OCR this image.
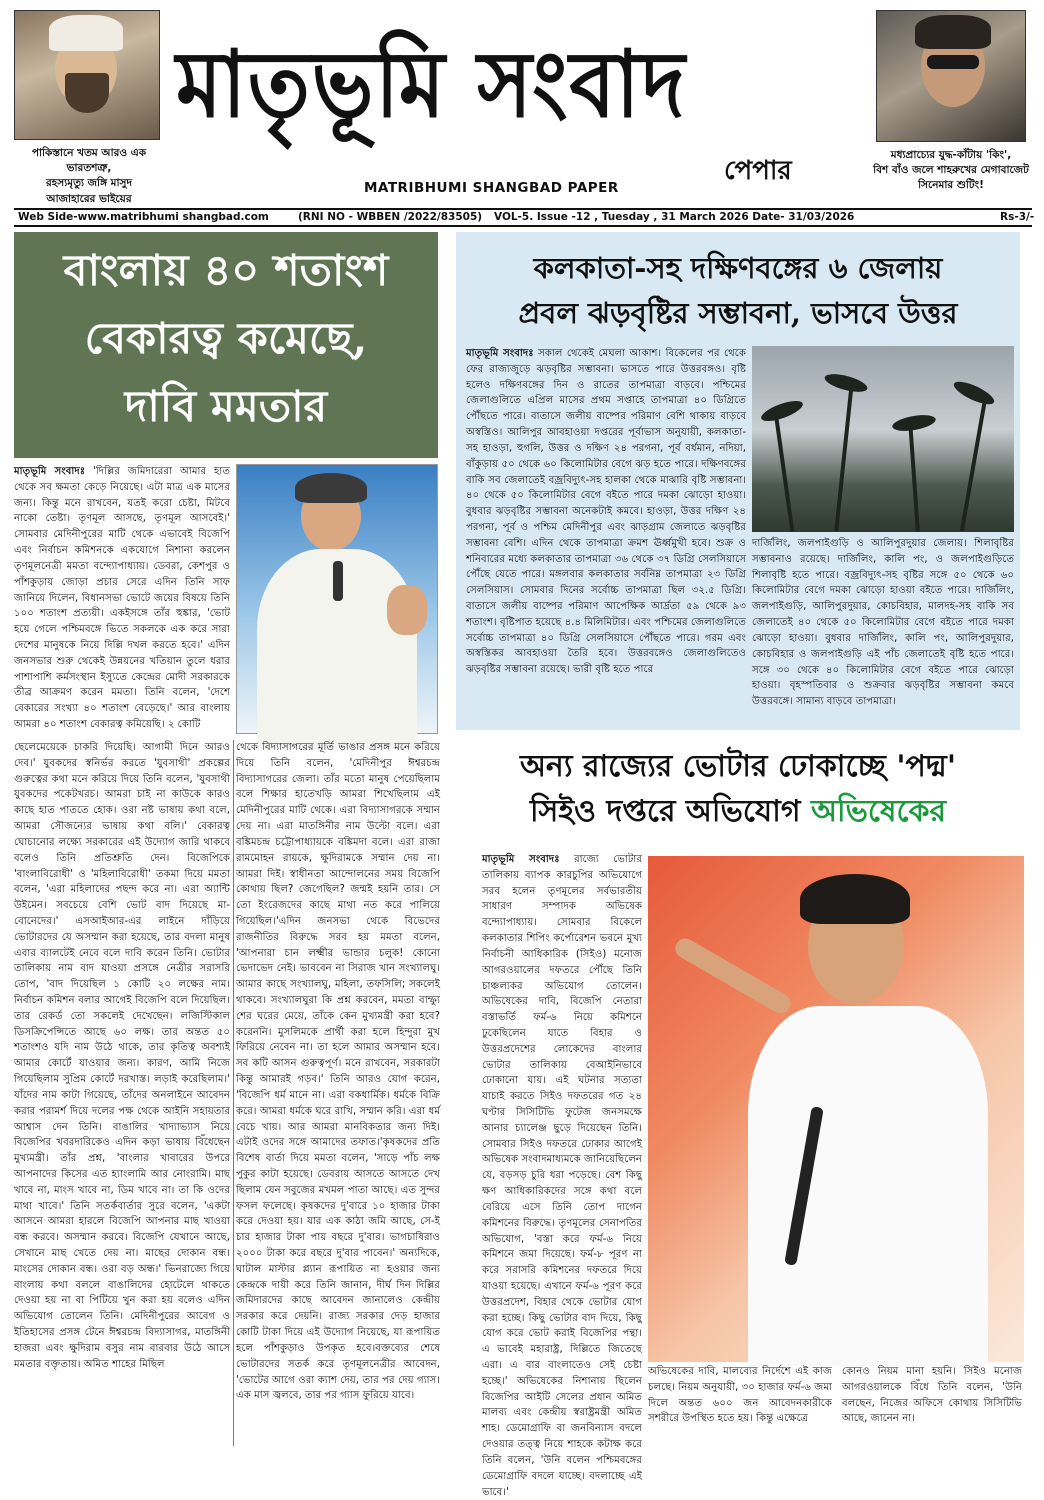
পাকিস্তানে খতম আরও এক ভারতশত্রু,
রহস্যমৃত্যু জঙ্গি মাসুদ
আজাহারের ভাইয়ের
মাতৃভূমি সংবাদ
পেপার
MATRIBHUMI SHANGBAD PAPER
মধ্যপ্রাচ্যের যুদ্ধ-কাঁটায় 'কিং',
বিশ বাঁও জলে শাহরুখের মেগাবাজেট
সিনেমার শুটিং!
Web Side-www.matribhumi shangbad.com	(RNI NO - WBBEN /2022/83505) VOL-5. Issue -12 , Tuesday , 31 March 2026 Date- 31/03/2026	Rs-3/-
বাংলায় ৪০ শতাংশ
বেকারত্ব কমেছে,
দাবি মমতার
মাতৃভূমি সংবাদঃ 'দিল্লির জমিদারেরা আমার হাত থেকে সব ক্ষমতা কেড়ে নিয়েছে। এটা মাত্র এক মাসের জন্য। কিন্তু মনে রাখবেন, যতই করো চেষ্টা, মিটবে নাকো তেষ্টা। তৃণমূল আসছে, তৃণমূল আসবেই।' সোমবার মেদিনীপুরের মাটি থেকে এভাবেই বিজেপি এবং নির্বাচন কমিশনকে একযোগে নিশানা করলেন তৃণমূলনেত্রী মমতা বন্দ্যোপাধ্যায়। ডেবরা, কেশপুর ও পাঁশকুড়ায় জোড়া প্রচার সেরে এদিন তিনি সাফ জানিয়ে দিলেন, বিধানসভা ভোটে জয়ের বিষয়ে তিনি ১০০ শতাংশ প্রত্যয়ী। একইসঙ্গে তাঁর হুঙ্কার, 'ভোট হয়ে গেলে পশ্চিমবঙ্গে ভিতে সকলকে এক করে সারা দেশের মানুষকে নিয়ে দিল্লি দখল করতে হবে।' এদিন জনসভার শুরু থেকেই উন্নয়নের খতিয়ান তুলে ধরার পাশাপাশি কর্মসংস্থান ইস্যুতে কেন্দ্রের মোদী সরকারকে তীব্র আক্রমণ করেন মমতা। তিনি বলেন, 'দেশে বেকারের সংখ্যা ৪০ শতাংশ বেড়েছে।' আর বাংলায় আমরা ৪০ শতাংশ বেকারত্ব কমিয়েছি। ২ কোটি
ছেলেমেয়েকে চাকরি দিয়েছি। আগামী দিনে আরও দেব।' যুবকদের স্বনির্ভর করতে 'যুবসাথী' প্রকল্পের গুরুত্বের কথা মনে করিয়ে দিয়ে তিনি বলেন, 'যুবসাথী যুবকদের পকেটখরচ। আমরা চাই না কাউকে কারও কাছে হাত পাততে হোক। ওরা নষ্ট ভাষায় কথা বলে, আমরা সৌজন্যের ভাষায় কথা বলি।' বেকারত্ব ঘোচানোর লক্ষ্যে সরকারের এই উদ্যোগ জারি থাকবে বলেও তিনি প্রতিশ্রুতি দেন। বিজেপিকে 'বাংলাবিরোধী' ও 'মহিলাবিরোধী' তকমা দিয়ে মমতা বলেন, 'এরা মহিলাদের পছন্দ করে না। এরা অ্যান্টি উইমেন। সবচেয়ে বেশি ভোট বাদ দিয়েছে মা-বোনেদের।' এসআইআর-এর লাইনে দাঁড়িয়ে ভোটারদের যে অসম্মান করা হয়েছে, তার বদলা মানুষ এবার ব্যালটেই নেবে বলে দাবি করেন তিনি। ভোটার তালিকায় নাম বাদ যাওয়া প্রসঙ্গে নেত্রীর সরাসরি তোপ, 'বাদ দিয়েছিল ১ কোটি ২০ লক্ষের নাম। নির্বাচন কমিশন বলার আগেই বিজেপি বলে দিয়েছিল। তার রেকর্ড তো সকলেই দেখেছেন। লজিস্টিকাল ডিসক্রিপেন্সিতে আছে ৬০ লক্ষ। তার অন্তত ৫০ শতাংশও যদি নাম উঠে থাকে, তার কৃতিত্ব অবশ্যই আমার কোর্টে যাওয়ার জন্য। কারণ, আমি নিজে গিয়েছিলাম সুপ্রিম কোর্টে দরখাস্ত। লড়াই করেছিলাম।' যাঁদের নাম কাটা গিয়েছে, তাঁদের অনলাইনে আবেদন করার পরামর্শ দিয়ে দলের পক্ষ থেকে আইনি সহায়তার আশ্বাস দেন তিনি। বাঙালির খাদ্যাভ্যাস নিয়ে বিজেপির খবরদারিকেও এদিন কড়া ভাষায় বিঁধেছেন মুখ্যমন্ত্রী। তাঁর প্রশ্ন, 'বাংলার খাবারের উপরে আপনাদের কিসের এত হ্যাংলামি আর নোংরামি। মাছ খাবে না, মাংস খাবে না, ডিম খাবে না। তা কি ওদের মাথা খাবে।' তিনি সতর্কবার্তার সুরে বলেন, 'একটা আসনে আমরা হারলে বিজেপি আপনার মাছ খাওয়া বন্ধ করবে। অসম্মান করবে। বিজেপি যেখানে আছে, সেখানে মাছ খেতে দেয় না। মাছের দোকান বন্ধ। মাংসের দোকান বন্ধ। ওরা বড় অন্ধ।' ভিনরাজ্যে গিয়ে বাংলায় কথা বললে বাঙালিদের হোটেলে থাকতে দেওয়া হয় না বা পিটিয়ে খুন করা হয় বলেও এদিন অভিযোগ তোলেন তিনি। মেদিনীপুরের আবেগ ও ইতিহাসের প্রসঙ্গ টেনে ঈশ্বরচন্দ্র বিদ্যাসাগর, মাতঙ্গিনী হাজরা এবং ক্ষুদিরাম বসুর নাম বারবার উঠে আসে মমতার বক্তৃতায়। অমিত শাহের মিছিল
থেকে বিদ্যাসাগরের মূর্তি ভাঙার প্রসঙ্গ মনে করিয়ে দিয়ে তিনি বলেন, 'মেদিনীপুর ঈশ্বরচন্দ্র বিদ্যাসাগরের জেলা। তাঁর মতো মানুষ পেয়েছিলাম বলে শিক্ষার হাতেখড়ি আমরা শিখেছিলাম এই মেদিনীপুরের মাটি থেকে। এরা বিদ্যাসাগরকে সম্মান দেয় না। এরা মাতঙ্গিনীর নাম উল্টো বলে। এরা বঙ্কিমচন্দ্র চট্টোপাধ্যায়কে বঙ্কিমদা বলে। এরা রাজা রামমোহন রায়কে, ক্ষুদিরামকে সম্মান দেয় না। আমরা দিই। স্বাধীনতা আন্দোলনের সময় বিজেপি কোথায় ছিল? জেগেছিল? জন্মই হয়নি তার। সে তো ইংরেজদের কাছে মাথা নত করে পালিয়ে গিয়েছিল।'এদিন জনসভা থেকে বিভেদের রাজনীতির বিরুদ্ধে সরব হয় মমতা বলেন, 'আপনারা চান লক্ষ্মীর ভান্ডার চলুক! কোনো ভেদাভেদ নেই। ভাববেন না সিরাজ খান সংখ্যালঘু। আমার কাছে সংখ্যালঘু, মহিলা, তফসিলি; সকলেই থাকবে। সংখ্যালঘুরা কি প্রশ্ন করবেন, মমতা বাম্ফ্যু শের ঘরের মেয়ে, তাঁকে কেন মুখ্যমন্ত্রী করা হবে? করেননি। মুসলিমকে প্রার্থী করা হলে হিন্দুরা মুখ ফিরিয়ে নেবেন না। তা হলে আমার অসম্মান হবে। সব কটি আসন গুরুত্বপূর্ণ। মনে রাখবেন, সরকারটা কিন্তু আমারই গড়ব।' তিনি আরও যোগ করেন, 'বিজেপি ধর্ম মানে না। এরা বকধার্মিক। ধর্মকে বিক্রি করে। আমরা ধর্মকে ঘরে রাখি, সম্মান করি। এরা ধর্ম বেচে খায়। আর আমরা মানবিকতার জন্য দিই। এটাই ওদের সঙ্গে আমাদের তফাত।'কৃষকদের প্রতি বিশেষ বার্তা দিয়ে মমতা বলেন, 'সাড়ে পাঁচ লক্ষ পুকুর কাটা হয়েছে। ডেবরায় আসতে আসতে দেখ ছিলাম যেন সবুজের মখমল পাতা আছে। এত সুন্দর ফসল ফলেছে। কৃষকদের দু'বারে ১০ হাজার টাকা করে দেওয়া হয়। যার এক কাঠা জমি আছে, সে-ই চার হাজার টাকা পায় বছরে দু'বার। ভাগচাষিরাও ২০০০ টাকা করে বছরে দু'বার পাবেন।' অন্যদিকে, ঘাটাল মাস্টার প্ল্যান রূপায়িত না হওয়ার জন্য কেন্দ্রকে দায়ী করে তিনি জানান, দীর্ঘ দিন দিল্লির জমিদারদের কাছে আবেদন জানালেও কেন্দ্রীয় সরকার করে দেয়নি। রাজ্য সরকার দেড় হাজার কোটি টাকা দিয়ে এই উদ্যোগ নিয়েছে, যা রূপায়িত হলে পাঁশকুড়াও উপকৃত হবে।বক্তব্যের শেষে ভোটারদের সতর্ক করে তৃণমূলনেত্রীর আবেদন, 'ভোটের আগে ওরা ক্যাশ দেয়, তার পর দেয় গ্যাস। এক মাস জ্বলবে, তার পর গ্যাস ফুরিয়ে যাবে।
কলকাতা-সহ দক্ষিণবঙ্গের ৬ জেলায়
প্রবল ঝড়বৃষ্টির সম্ভাবনা, ভাসবে উত্তর
মাতৃভূমি সংবাদঃ সকাল থেকেই মেঘলা আকাশ। বিকেলের পর থেকে ফের রাজ্যজুড়ে ঝড়বৃষ্টির সম্ভাবনা। ভাসতে পারে উত্তরবঙ্গও। বৃষ্টি হলেও দক্ষিণবঙ্গের দিন ও রাতের তাপমাত্রা বাড়বে। পশ্চিমের জেলাগুলিতে এপ্রিল মাসের প্রথম সপ্তাহে তাপমাত্রা ৪০ ডিগ্রিতে পৌঁছতে পারে। বাতাসে জলীয় বাষ্পের পরিমাণ বেশি থাকায় বাড়বে অস্বস্তিও। আলিপুর আবহাওয়া দপ্তরের পূর্বাভাস অনুযায়ী, কলকাতা-সহ হাওড়া, হুগলি, উত্তর ও দক্ষিণ ২৪ পরগনা, পূর্ব বর্ধমান, নদিয়া, বাঁকুড়ায় ৫০ থেকে ৬০ কিলোমিটার বেগে ঝড় হতে পারে। দক্ষিণবঙ্গের বাকি সব জেলাতেই বজ্রবিদ্যুৎ-সহ হালকা থেকে মাঝারি বৃষ্টি সম্ভাবনা। ৪০ থেকে ৫০ কিলোমিটার বেগে বইতে পারে দমকা ঝোড়ো হাওয়া। বুধবার ঝড়বৃষ্টির সম্ভাবনা অনেকটাই কমবে। হাওড়া, উত্তর দক্ষিণ ২৪ পরগনা, পূর্ব ও পশ্চিম মেদিনীপুর এবং ঝাড়গ্রাম জেলাতে ঝড়বৃষ্টির সম্ভাবনা বেশি। এদিন থেকে তাপমাত্রা ক্রমশ ঊর্ধ্বমুখী হবে। শুক্র ও শনিবারের মধ্যে কলকাতার তাপমাত্রা ৩৬ থেকে ৩৭ ডিগ্রি সেলসিয়াসে পৌঁছে যেতে পারে। মঙ্গলবার কলকাতার সর্বনিম্ন তাপমাত্রা ২৩ ডিগ্রি সেলসিয়াস। সোমবার দিনের সর্বোচ্চ তাপমাত্রা ছিল ৩২.৫ ডিগ্রি। বাতাসে জলীয় বাষ্পের পরিমাণ আপেক্ষিক আর্দ্রতা ৫৯ থেকে ৯৩ শতাংশ। বৃষ্টিপাত হয়েছে ৪.৪ মিলিমিটার। এবং পশ্চিমের জেলাগুলিতে সর্বোচ্চ তাপমাত্রা ৪০ ডিগ্রি সেলসিয়াসে পৌঁছতে পারে। গরম এবং অস্বস্তিকর আবহাওয়া তৈরি হবে। উত্তরবঙ্গেও জেলাগুলিতেও ঝড়বৃষ্টির সম্ভাবনা রয়েছে। ভারী বৃষ্টি হতে পারে
দার্জিলিং, জলপাইগুড়ি ও আলিপুরদুয়ার জেলায়। শিলাবৃষ্টির সম্ভাবনাও রয়েছে। দার্জিলিং, কালি পং, ও জলপাইগুড়িতে শিলাবৃষ্টি হতে পারে। বজ্রবিদ্যুৎ-সহ বৃষ্টির সঙ্গে ৫০ থেকে ৬০ কিলোমিটার বেগে দমকা ঝোড়ো হাওয়া বইতে পারে। দার্জিলিং, জলপাইগুড়ি, আলিপুরদুয়ার, কোচবিহার, মালদহ-সহ বাকি সব জেলাতেই ৪০ থেকে ৫০ কিলোমিটার বেগে বইতে পারে দমকা ঝোড়ো হাওয়া। বুধবার দার্জিলিং, কালি পং, আলিপুরদুয়ার, কোচবিহার ও জলপাইগুড়ি এই পাঁচ জেলাতেই বৃষ্টি হতে পারে। সঙ্গে ৩০ থেকে ৪০ কিলোমিটার বেগে বইতে পারে ঝোড়ো হাওয়া। বৃহস্পতিবার ও শুক্রবার ঝড়বৃষ্টির সম্ভাবনা কমবে উত্তরবঙ্গে। সামান্য বাড়বে তাপমাত্রা।
অন্য রাজ্যের ভোটার ঢোকাচ্ছে 'পদ্ম'
সিইও দপ্তরে অভিযোগ অভিষেকের
মাতৃভূমি সংবাদঃ রাজ্যে ভোটার তালিকায় ব্যাপক কারচুপির অভিযোগে সরব হলেন তৃণমূলের সর্বভারতীয় সাধারণ সম্পাদক অভিষেক বন্দ্যোপাধ্যায়। সোমবার বিকেলে কলকাতার শিপিং কর্পোরেশন ভবনে মুখ্য নির্বাচনী আধিকারিক (সিইও) মনোজ আগরওয়ালের দফতরে পৌঁছে তিনি চাঞ্চল্যকর অভিযোগ তোলেন। অভিষেকের দাবি, বিজেপি নেতারা বস্তাভর্তি ফর্ম-৬ নিয়ে কমিশনে ঢুকেছিলেন যাতে বিহার ও উত্তরপ্রদেশের লোকেদের বাংলার ভোটার তালিকায় বেআইনিভাবে ঢোকানো যায়। এই ঘটনার সত্যতা যাচাই করতে সিইও দফতরের গত ২৪ ঘণ্টার সিসিটিভি ফুটেজ জনসমক্ষে আনার চ্যালেঞ্জ ছুড়ে দিয়েছেন তিনি। সোমবার সিইও দফতরে ঢোকার আগেই অভিষেক সংবাদমাধ্যমকে জানিয়েছিলেন যে, বড়সড় চুরি ধরা পড়েছে। বেশ কিছু ক্ষণ আধিকারিকদের সঙ্গে কথা বলে বেরিয়ে এসে তিনি তোপ দাগেন কমিশনের বিরুদ্ধে। তৃণমূলের সেনাপতির অভিযোগ, 'বস্তা করে ফর্ম-৬ নিয়ে কমিশনে জমা দিয়েছে। ফর্ম-৮ পূরণ না করে সরাসরি কমিশনের দফতরে দিয়ে যাওয়া হয়েছে। এখানে ফর্ম-৬ পূরণ করে উত্তরপ্রদেশ, বিহার থেকে ভোটার যোগ করা হচ্ছে। কিছু ভোটার বাদ দিয়ে, কিছু যোগ করে ভোট করাই বিজেপির পন্থা। এ ভাবেই মহারাষ্ট্র, দিল্লিতে জিতেছে এরা। এ বার বাংলাতেও সেই চেষ্টা হচ্ছে।' অভিষেকের নিশানায় ছিলেন বিজেপির আইটি সেলের প্রধান অমিত মালব্য এবং কেন্দ্রীয় স্বরাষ্ট্রমন্ত্রী অমিত শাহ। ডেমোগ্রাফি বা জনবিন্যাস বদলে দেওয়ার তত্ত্ব নিয়ে শাহকে কটাক্ষ করে তিনি বলেন, 'উনি বলেন পশ্চিমবঙ্গের ডেমোগ্রাফি বদলে যাচ্ছে। বদলাচ্ছে এই ভাবে।'
অভিষেকের দাবি, মালব্যের নির্দেশে এই কাজ চলছে। নিয়ম অনুযায়ী, ৩০ হাজার ফর্ম-৬ জমা দিলে অন্তত ৬০০ জন আবেদনকারীকে সশরীরে উপস্থিত হতে হয়। কিন্তু এক্ষেত্রে
কোনও নিয়ম মানা হয়নি। সিইও মনোজ আগরওয়ালকে বিঁধে তিনি বলেন, 'উনি বলছেন, নিজের অফিসে কোথায় সিসিটিভি আছে, জানেন না।
